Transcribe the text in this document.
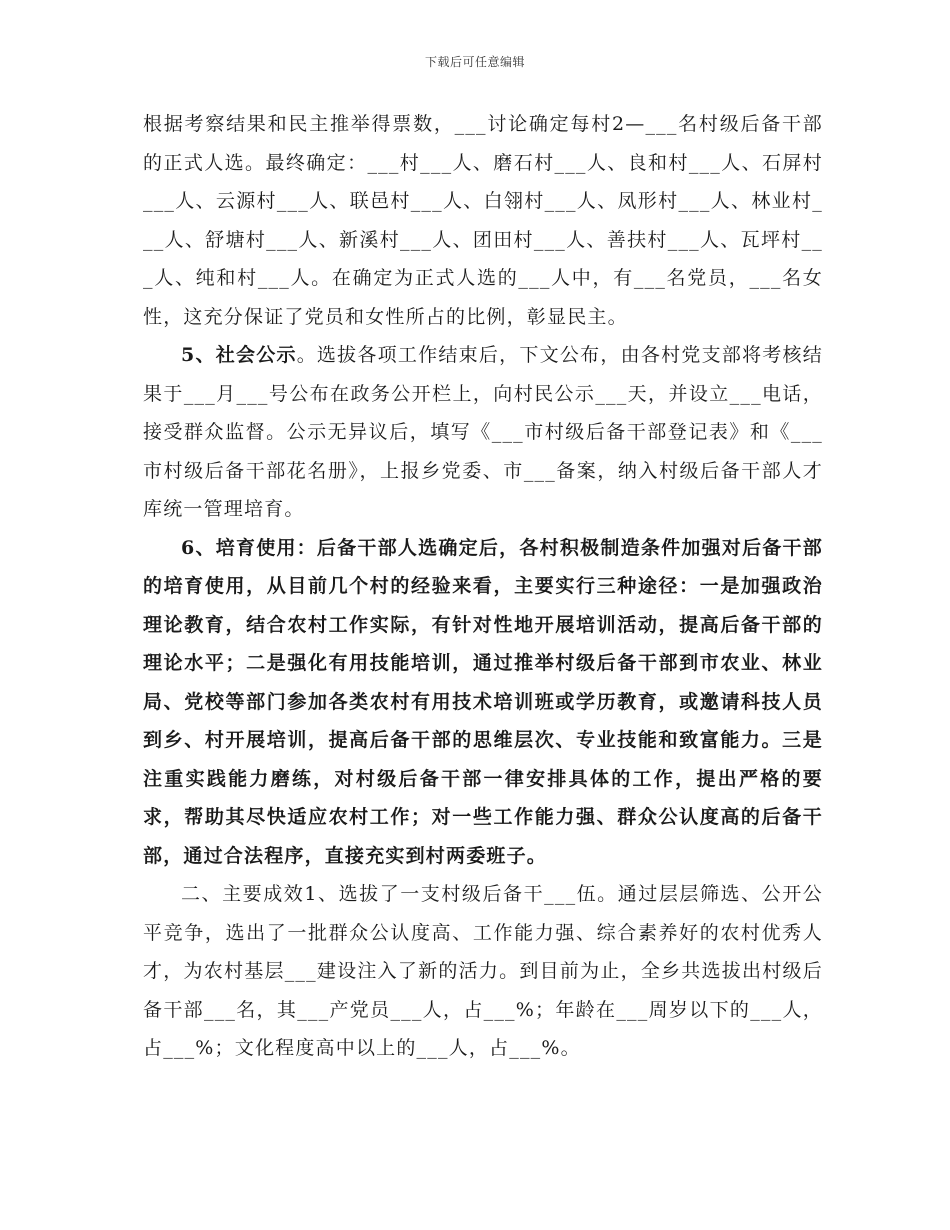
下载后可任意编辑

根据考察结果和民主推举得票数，___讨论确定每村2—___名村级后备干部的正式人选。最终确定：___村___人、磨石村___人、良和村___人、石屏村___人、云源村___人、联邑村___人、白翎村___人、凤形村___人、林业村___人、舒塘村___人、新溪村___人、团田村___人、善扶村___人、瓦坪村___人、纯和村___人。在确定为正式人选的___人中，有___名党员，___名女性，这充分保证了党员和女性所占的比例，彰显民主。

5、社会公示。选拔各项工作结束后，下文公布，由各村党支部将考核结果于___月___号公布在政务公开栏上，向村民公示___天，并设立___电话，接受群众监督。公示无异议后，填写《___市村级后备干部登记表》和《___市村级后备干部花名册》，上报乡党委、市___备案，纳入村级后备干部人才库统一管理培育。

6、培育使用：后备干部人选确定后，各村积极制造条件加强对后备干部的培育使用，从目前几个村的经验来看，主要实行三种途径：一是加强政治理论教育，结合农村工作实际，有针对性地开展培训活动，提高后备干部的理论水平；二是强化有用技能培训，通过推举村级后备干部到市农业、林业局、党校等部门参加各类农村有用技术培训班或学历教育，或邀请科技人员到乡、村开展培训，提高后备干部的思维层次、专业技能和致富能力。三是注重实践能力磨练，对村级后备干部一律安排具体的工作，提出严格的要求，帮助其尽快适应农村工作；对一些工作能力强、群众公认度高的后备干部，通过合法程序，直接充实到村两委班子。

二、主要成效1、选拔了一支村级后备干___伍。通过层层筛选、公开公平竞争，选出了一批群众公认度高、工作能力强、综合素养好的农村优秀人才，为农村基层___建设注入了新的活力。到目前为止，全乡共选拔出村级后备干部___名，其___产党员___人，占___%；年龄在___周岁以下的___人，占___%；文化程度高中以上的___人，占___%。
